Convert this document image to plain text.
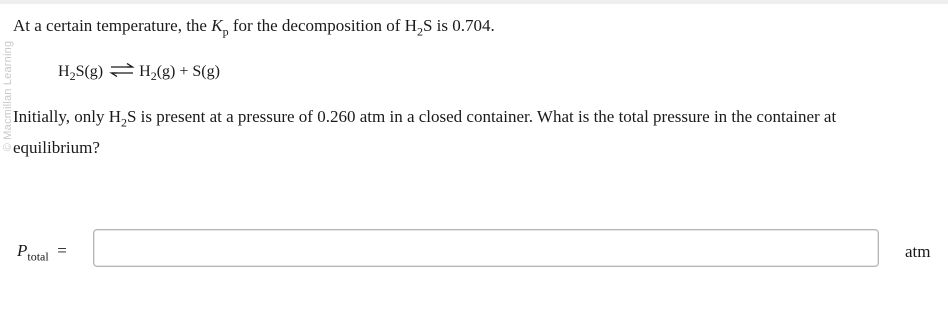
© Macmillan Learning
At a certain temperature, the $K_p$ for the decomposition of $H_2S$ is 0.704.
$H_2S(g)$ ⇌ $H_2(g) + S(g)$
Initially, only $H_2S$ is present at a pressure of 0.260 atm in a closed container. What is the total pressure in the container at equilibrium?
$P_{total}$ =	atm
